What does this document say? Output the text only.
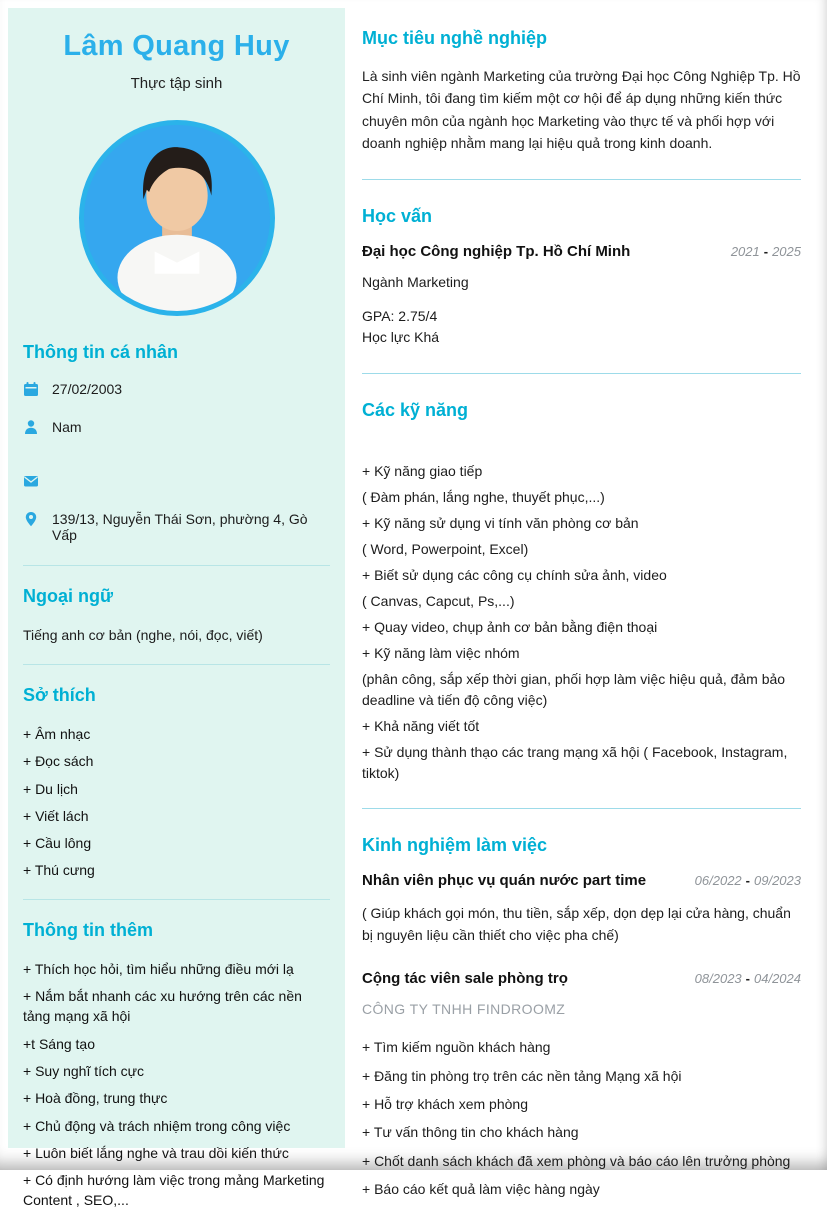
Lâm Quang Huy
Thực tập sinh
Thông tin cá nhân
27/02/2003
Nam
139/13, Nguyễn Thái Sơn, phường 4, Gò Vấp
Ngoại ngữ
Tiếng anh cơ bản (nghe, nói, đọc, viết)
Sở thích
+ Âm nhạc
+ Đọc sách
+ Du lịch
+ Viết lách
+ Cầu lông
+ Thú cưng
Thông tin thêm
+ Thích học hỏi, tìm hiểu những điều mới lạ
+ Nắm bắt nhanh các xu hướng trên các nền tảng mạng xã hội
+t Sáng tạo
+ Suy nghĩ tích cực
+ Hoà đồng, trung thực
+ Chủ động và trách nhiệm trong công việc
+ Luôn biết lắng nghe và trau dồi kiến thức
+ Có định hướng làm việc trong mảng Marketing Content , SEO,...
Mục tiêu nghề nghiệp

Là sinh viên ngành Marketing của trường Đại học Công Nghiệp Tp. Hồ Chí Minh, tôi đang tìm kiếm một cơ hội để áp dụng những kiến thức chuyên môn của ngành học Marketing vào thực tế và phối hợp với doanh nghiệp nhằm mang lại hiệu quả trong kinh doanh.

Học vấn
Đại học Công nghiệp Tp. Hồ Chí Minh	2021 - 2025
Ngành Marketing
GPA: 2.75/4
Học lực Khá
Các kỹ năng
+ Kỹ năng giao tiếp
( Đàm phán, lắng nghe, thuyết phục,...)
+ Kỹ năng sử dụng vi tính văn phòng cơ bản
( Word, Powerpoint, Excel)
+ Biết sử dụng các công cụ chính sửa ảnh, video
( Canvas, Capcut, Ps,...)
+ Quay video, chụp ảnh cơ bản bằng điện thoại
+ Kỹ năng làm việc nhóm
(phân công, sắp xếp thời gian, phối hợp làm việc hiệu quả, đảm bảo deadline và tiến độ công việc)
+ Khả năng viết tốt
+ Sử dụng thành thạo các trang mạng xã hội ( Facebook, Instagram, tiktok)
Kinh nghiệm làm việc
Nhân viên phục vụ quán nước part time	06/2022 - 09/2023

( Giúp khách gọi món, thu tiền, sắp xếp, dọn dẹp lại cửa hàng, chuẩn bị nguyên liệu cần thiết cho việc pha chế)

Cộng tác viên sale phòng trọ	08/2023 - 04/2024
CÔNG TY TNHH FINDROOMZ
+ Tìm kiếm nguồn khách hàng
+ Đăng tin phòng trọ trên các nền tảng Mạng xã hội
+ Hỗ trợ khách xem phòng
+ Tư vấn thông tin cho khách hàng
+ Chốt danh sách khách đã xem phòng và báo cáo lên trưởng phòng
+ Báo cáo kết quả làm việc hàng ngày
